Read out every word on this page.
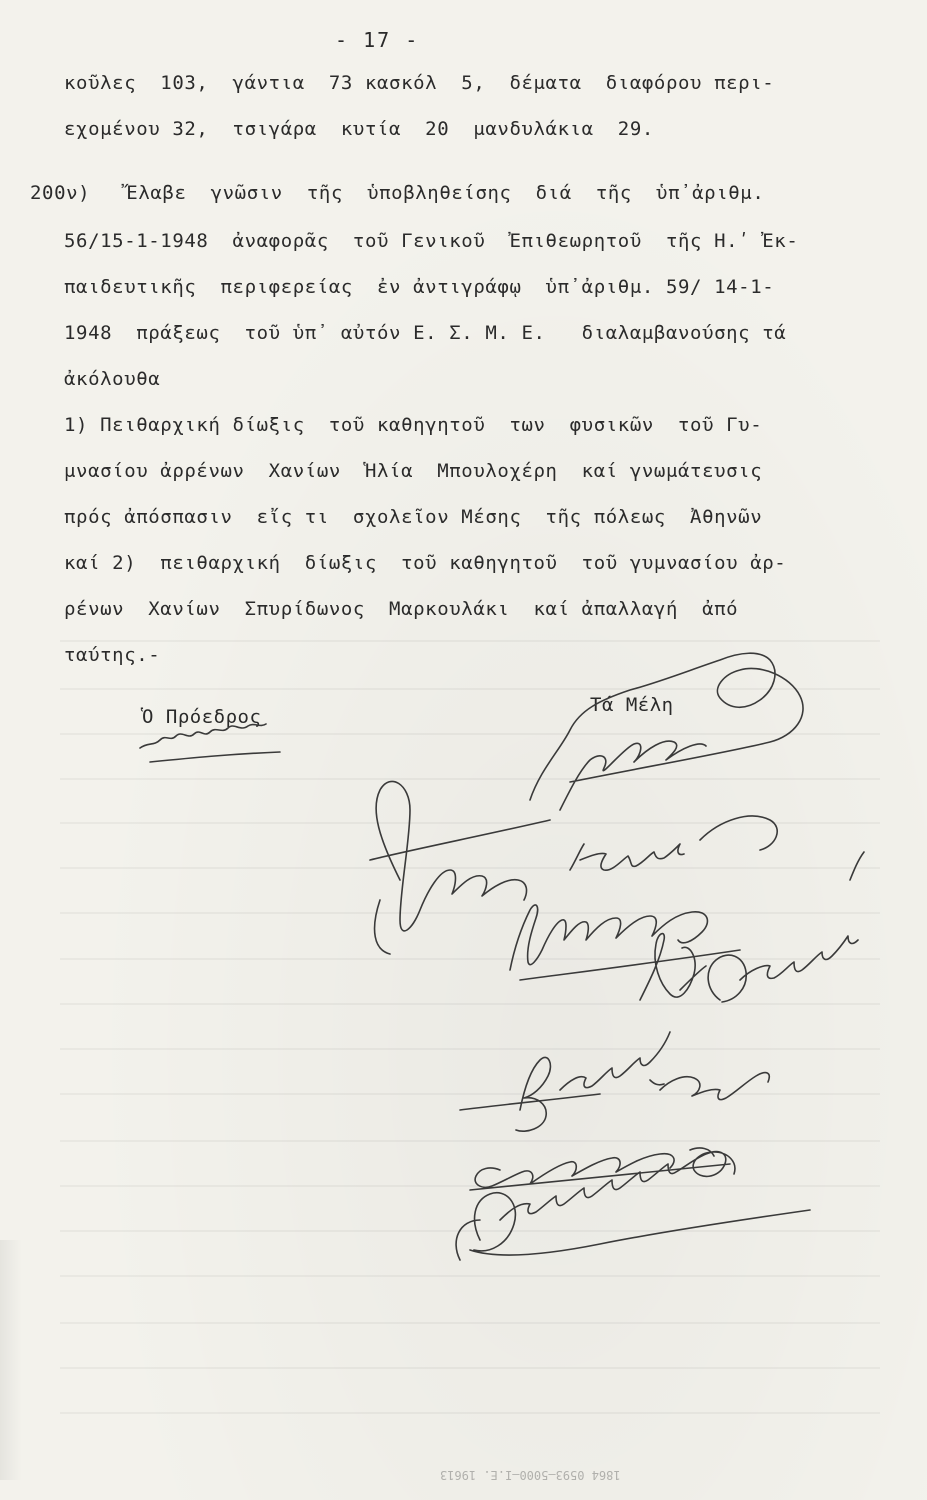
- 17 -
κοῦλες  103,  γάντια  73 κασκόλ  5,  δέματα  διαφόρου περι-
εχομένου 32,  τσιγάρα  κυτία  20  μανδυλάκια  29.
200ν)   Ἔλαβε  γνῶσιν  τῆς  ὑποβληθείσης  διά  τῆς  ὑπ᾽ἀριθμ.
56/15-1-1948  ἀναφορᾶς  τοῦ Γενικοῦ  Ἐπιθεωρητοῦ  τῆς Η.ʹ Ἐκ-
παιδευτικῆς  περιφερείας  ἐν ἀντιγράφῳ  ὑπ᾽ἀριθμ. 59/ 14-1-
1948  πράξεως  τοῦ ὑπ᾽ αὐτόν Ε. Σ. Μ. Ε.   διαλαμβανούσης τά
ἀκόλουθα
1) Πειθαρχική δίωξις  τοῦ καθηγητοῦ  των  φυσικῶν  τοῦ Γυ-
μνασίου ἀρρένων  Χανίων  Ἡλία  Μπουλοχέρη  καί γνωμάτευσις
πρός ἀπόσπασιν  εἴς τι  σχολεῖον Μέσης  τῆς πόλεως  Ἀθηνῶν
καί 2)  πειθαρχική  δίωξις  τοῦ καθηγητοῦ  τοῦ γυμνασίου ἀρ-
ρένων  Χανίων  Σπυρίδωνος  Μαρκουλάκι  καί ἀπαλλαγή  ἀπό
ταύτης.-
Ὁ Πρόεδρος
Τά Μέλη
1864 0593—5000—Ι.Ε. 19613
